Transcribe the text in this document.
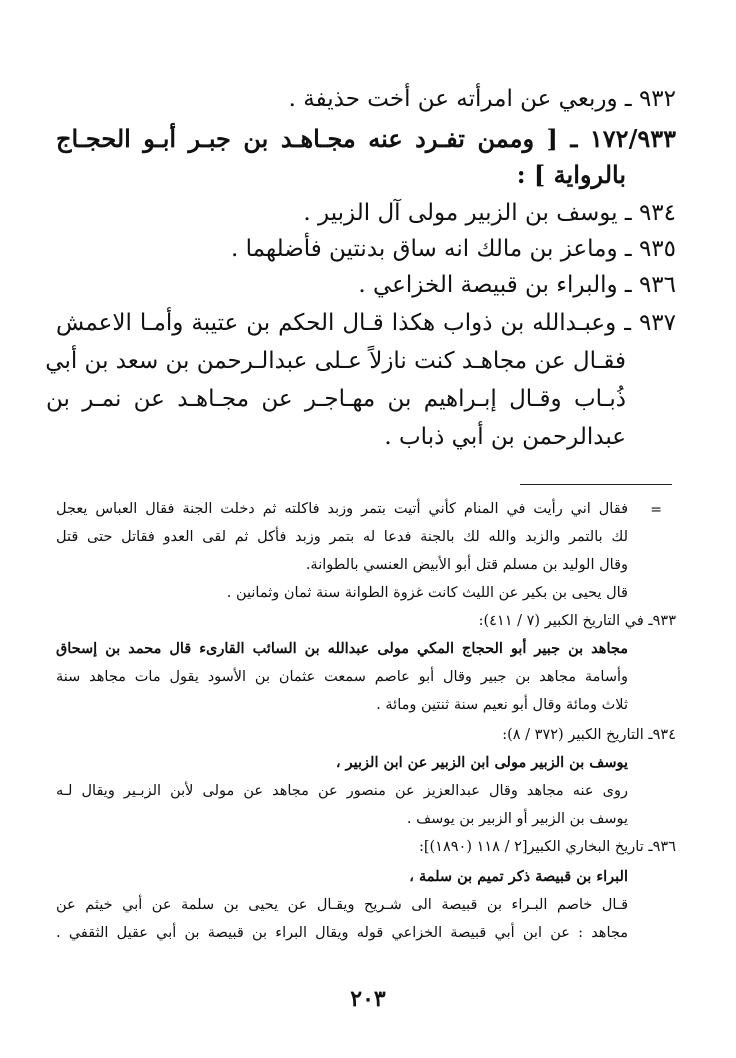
٩٣٢ ـ وربعي عن امرأته عن أخت حذيفة .
١٧٢/٩٣٣ ـ [ وممن تفـرد عنه مجـاهـد بن جبـر أبـو الحجـاج
بالرواية ] :
٩٣٤ ـ يوسف بن الزبير مولى آل الزبير .
٩٣٥ ـ وماعز بن مالك انه ساق بدنتين فأضلهما .
٩٣٦ ـ والبراء بن قبيصة الخزاعي .
٩٣٧ ـ وعبـدالله بن ذواب هكذا قـال الحكم بن عتيبة وأمـا الاعمش
فقـال عن مجاهـد كنت نازلاً عـلى عبدالـرحمن بن سعد بن أبي
ذُبـاب وقـال إبـراهيم بن مهـاجـر عن مجـاهـد عن نمـر بن
عبدالرحمن بن أبي ذباب .
=
فقال اني رأيت في المنام كأني أتيت بتمر وزبد فاكلته ثم دخلت الجنة فقال العباس يعجل
لك بالتمر والزبد والله لك بالجنة فدعا له بتمر وزبد فأكل ثم لقى العدو فقاتل حتى قتل
وقال الوليد بن مسلم قتل أبو الأبيض العنسي بالطوانة.
قال يحيى بن بكير عن الليث كانت غزوة الطوانة سنة ثمان وثمانين .
٩٣٣ـ في التاريخ الكبير (٧ / ٤١١):
مجاهد بن جبير أبو الحجاج المكي مولى عبدالله بن السائب القارىء قال محمد بن إسحاق
وأسامة مجاهد بن جبير وقال أبو عاصم سمعت عثمان بن الأسود يقول مات مجاهد سنة
ثلاث ومائة وقال أبو نعيم سنة ثنتين ومائة .
٩٣٤ـ التاريخ الكبير (٣٧٢ / ٨):
يوسف بن الزبير مولى ابن الزبير عن ابن الزبير ،
روى عنه مجاهد وقال عبدالعزيز عن منصور عن مجاهد عن مولى لأبن الزبـير ويقال لـه
يوسف بن الزبير أو الزبير بن يوسف .
٩٣٦ـ تاريخ البخاري الكبير[٢ / ١١٨ (١٨٩٠)]:
البراء بن قبيصة ذكر تميم بن سلمة ،
قـال خاصم البـراء بن قبيصة الى شـريح ويقـال عن يحيى بن سلمة عن أبي خيثم عن
مجاهد : عن ابن أبي قبيصة الخزاعي قوله ويقال البراء بن قبيصة بن أبي عقيل الثقفي .
٢٠٣
